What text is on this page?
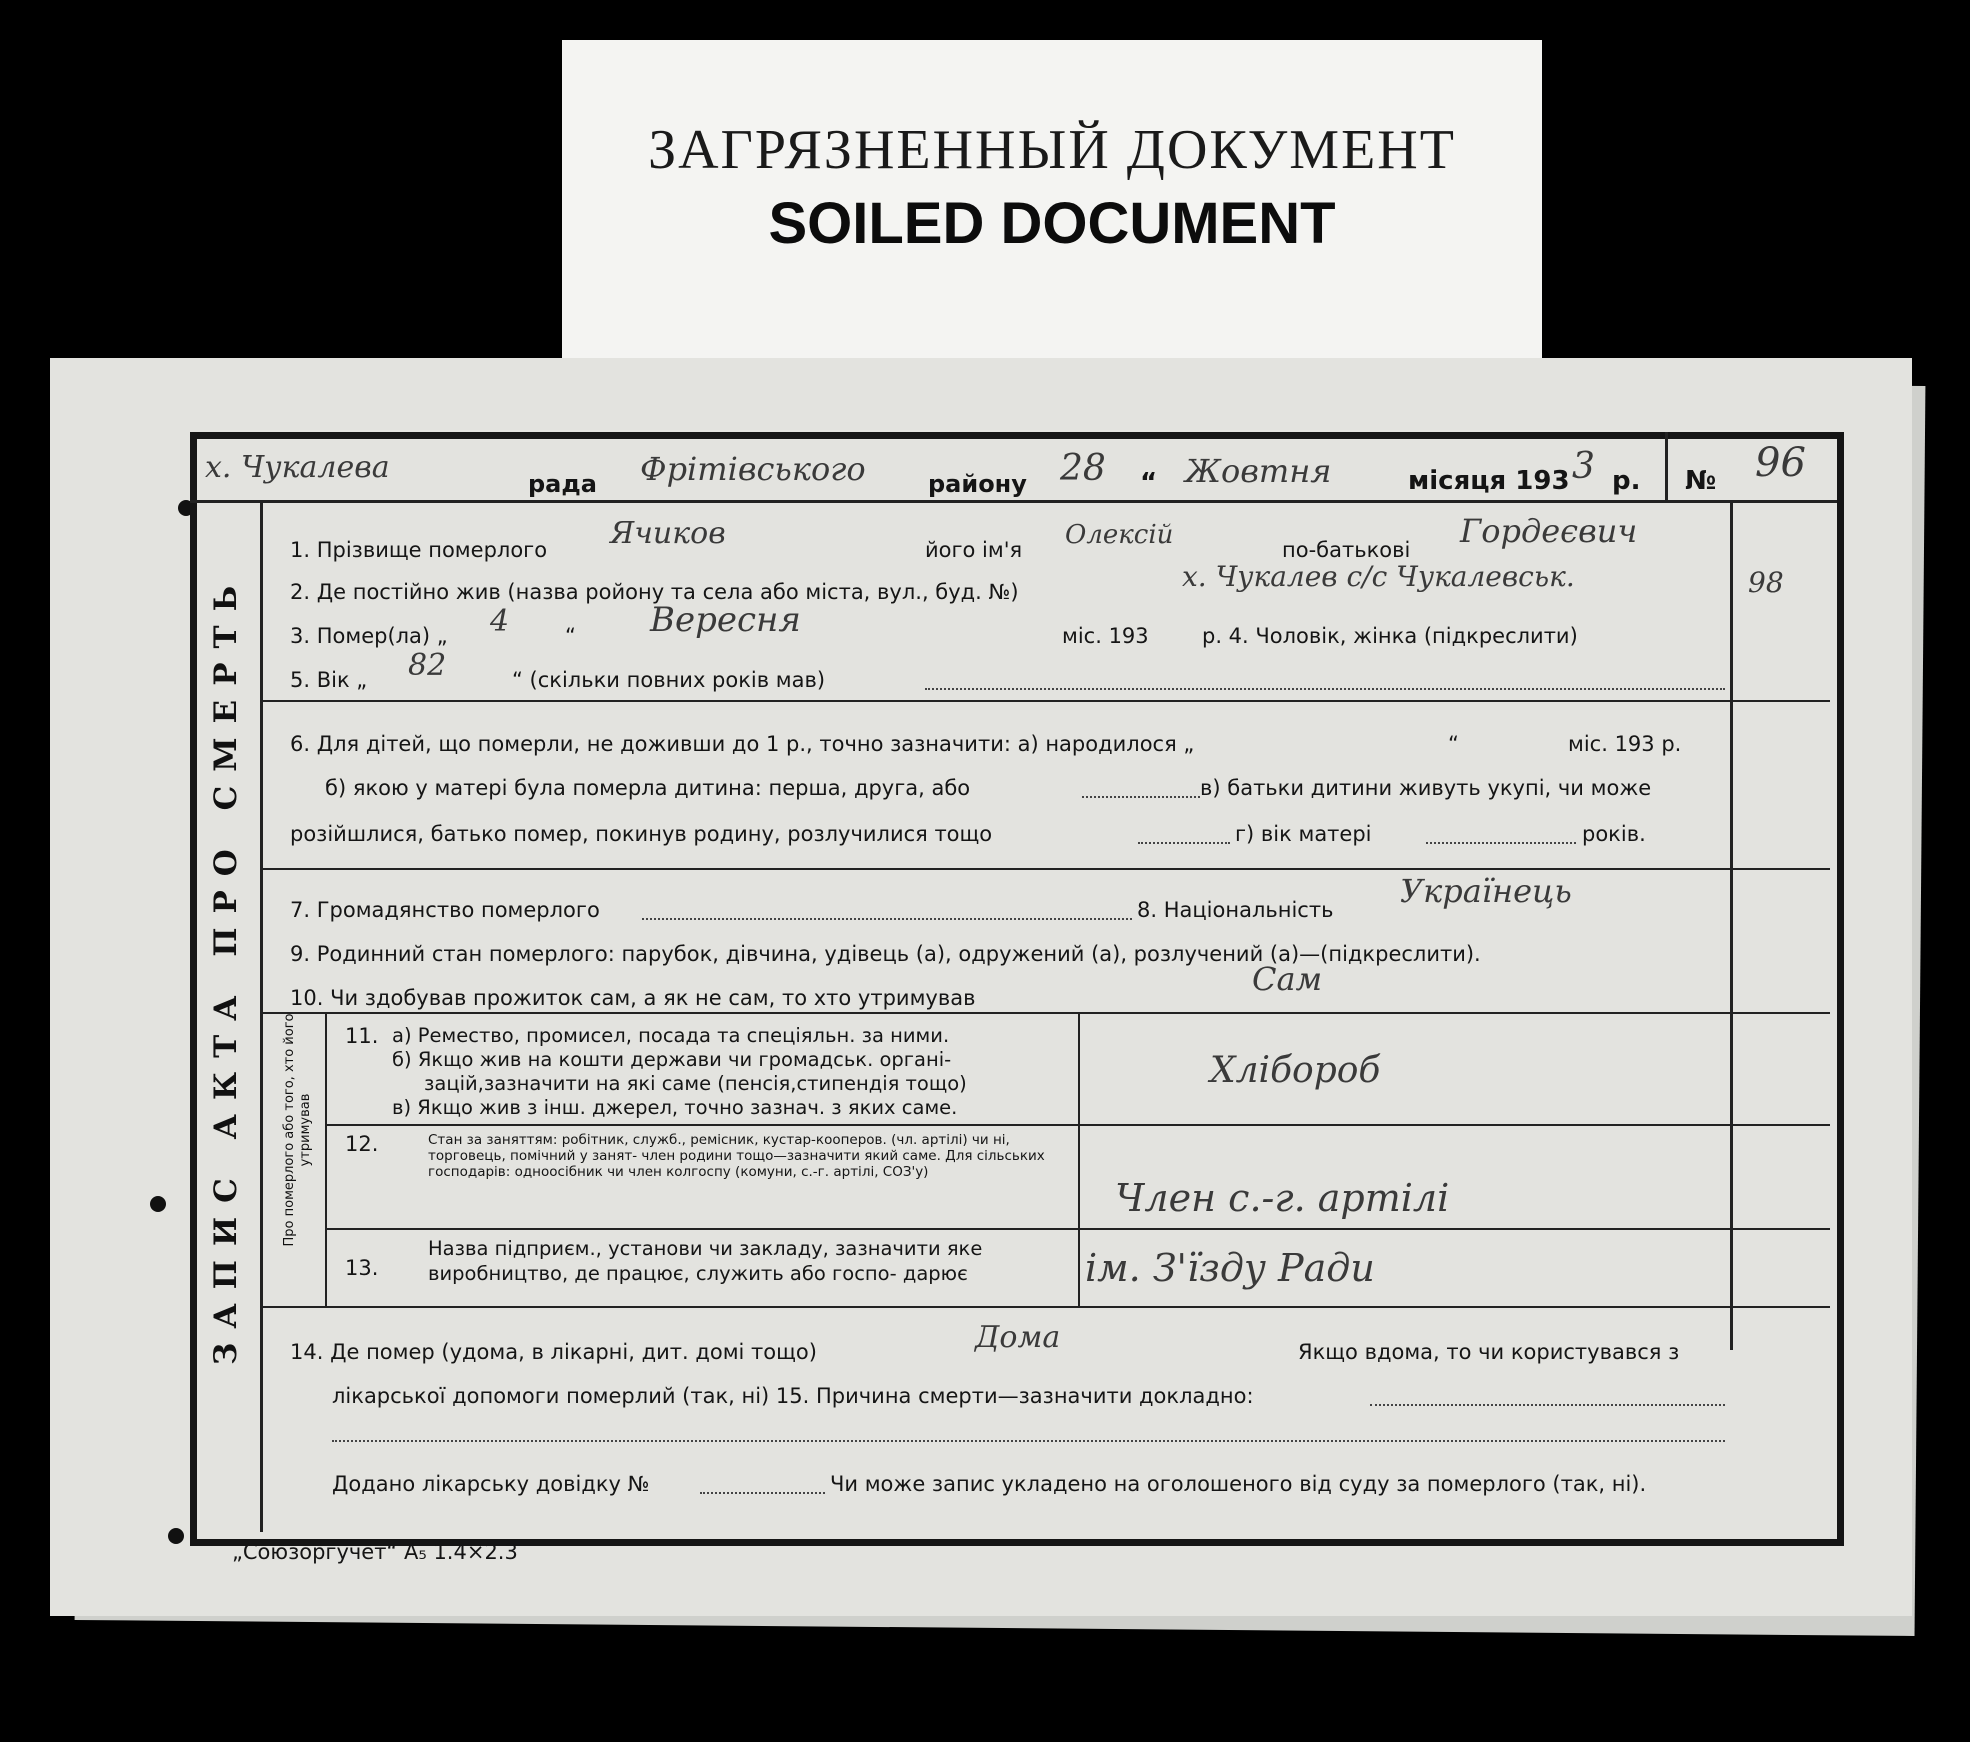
ЗАГРЯЗНЕННЫЙ ДОКУМЕНТ
SOILED DOCUMENT
ЗАПИС АКТА ПРО СМЕРТЬ
х. Чукалева	рада Фрітівського	району 28 “ Жовтня	місяця 193 3 р. № 96
1. Прізвище померлого Ячиков	його ім'я Олексій	по-батькові Гордеєвич
2. Де постійно жив (назва ройону та села або міста, вул., буд. №)	х. Чукалев с/с Чукалевськ.	98
3. Помер(ла) „ 4	“ Вересня	міс. 193	р. 4. Чоловік, жінка (підкреслити)
5. Вік „ 82	“ (скільки повних років мав)
6. Для дітей, що померли, не доживши до 1 р., точно зазначити: а) народилося „	“	міс. 193 р.
б) якою у матері була померла дитина: перша, друга, або	в) батьки дитини живуть укупі, чи може
розійшлися, батько помер, покинув родину, розлучилися тощо	г) вік матері	років.
7. Громадянство померлого	8. Національність Українець
9. Родинний стан померлого: парубок, дівчина, удівець (а), одружений (а), розлучений (а)—(підкреслити).
10. Чи здобував прожиток сам, а як не сам, то хто утримував	Сам
Про померлого або того, хто його утримував
11. а) Ремество, промисел, посада та спеціяльн. за ними.
б) Якщо жив на кошти держави чи громадськ. органі-
зацій,зазначити на які саме (пенсія,стипендія тощо)
в) Якщо жив з інш. джерел, точно зазнач. з яких саме.
Хлібороб
12.	Стан за заняттям: робітник, служб., ремісник, кустар-кооперов. (чл. артілі) чи ні, торговець, помічний у занят- член родини тощо—зазначити який саме. Для сільських господарів: одноосібник чи член колгоспу (комуни, с.-г. артілі, СОЗ'у)
Член с.-г. артілі
13.
Назва підприєм., установи чи закладу, зазначити яке виробництво, де працює, служить або госпо- дарює	ім. З'їзду Ради
14. Де помер (удома, в лікарні, дит. домі тощо)	Дома	Якщо вдома, то чи користувався з
лікарської допомоги померлий (так, ні) 15. Причина смерти—зазначити докладно:
Додано лікарську довідку №	Чи може запис укладено на оголошеного від суду за померлого (так, ні).
„Союзоргучет“ А₅ 1.4×2.3
